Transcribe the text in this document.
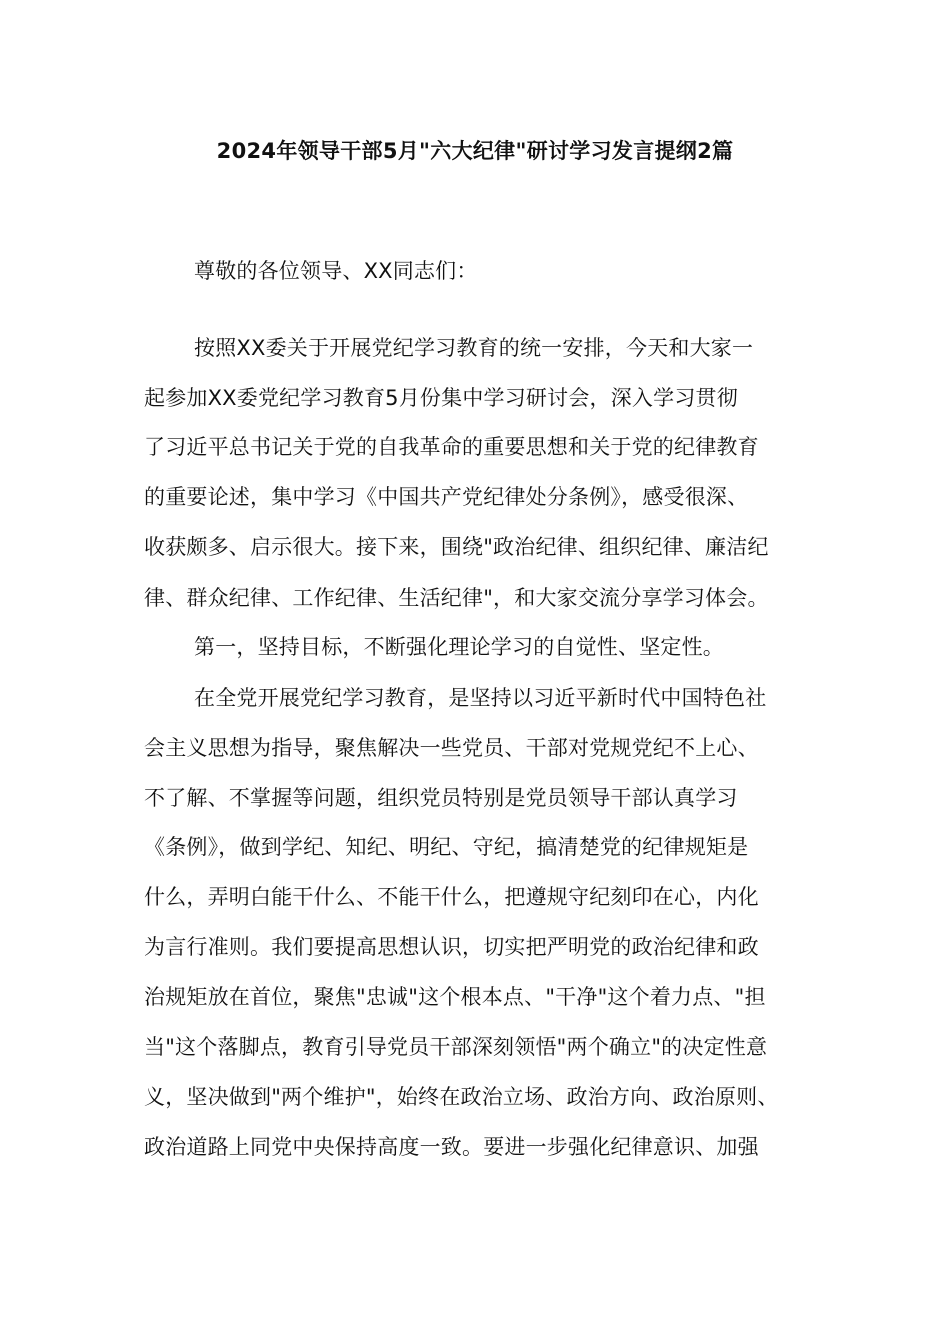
2024年领导干部5月"六大纪律"研讨学习发言提纲2篇
尊敬的各位领导、XX同志们：
按照XX委关于开展党纪学习教育的统一安排，今天和大家一
起参加XX委党纪学习教育5月份集中学习研讨会，深入学习贯彻
了习近平总书记关于党的自我革命的重要思想和关于党的纪律教育
的重要论述，集中学习《中国共产党纪律处分条例》，感受很深、
收获颇多、启示很大。接下来，围绕"政治纪律、组织纪律、廉洁纪
律、群众纪律、工作纪律、生活纪律"，和大家交流分享学习体会。
第一，坚持目标，不断强化理论学习的自觉性、坚定性。
在全党开展党纪学习教育，是坚持以习近平新时代中国特色社
会主义思想为指导，聚焦解决一些党员、干部对党规党纪不上心、
不了解、不掌握等问题，组织党员特别是党员领导干部认真学习
《条例》，做到学纪、知纪、明纪、守纪，搞清楚党的纪律规矩是
什么，弄明白能干什么、不能干什么，把遵规守纪刻印在心，内化
为言行准则。我们要提高思想认识，切实把严明党的政治纪律和政
治规矩放在首位，聚焦"忠诚"这个根本点、"干净"这个着力点、"担
当"这个落脚点，教育引导党员干部深刻领悟"两个确立"的决定性意
义，坚决做到"两个维护"，始终在政治立场、政治方向、政治原则、
政治道路上同党中央保持高度一致。要进一步强化纪律意识、加强
